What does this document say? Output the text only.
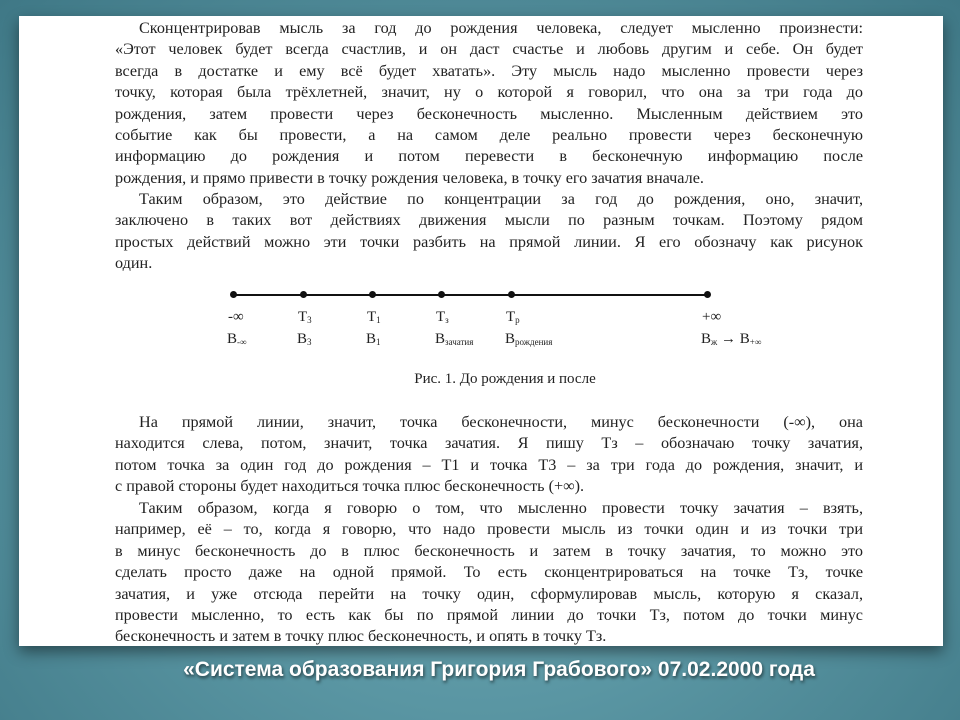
Сконцентрировав мысль за год до рождения человека, следует мысленно произнести:
«Этот человек будет всегда счастлив, и он даст счастье и любовь другим и себе. Он будет
всегда в достатке и ему всё будет хватать». Эту мысль надо мысленно провести через
точку, которая была трёхлетней, значит, ну о которой я говорил, что она за три года до
рождения, затем провести через бесконечность мысленно. Мысленным действием это
событие как бы провести, а на самом деле реально провести через бесконечную
информацию до рождения и потом перевести в бесконечную информацию после
рождения, и прямо привести в точку рождения человека, в точку его зачатия вначале.
Таким образом, это действие по концентрации за год до рождения, оно, значит,
заключено в таких вот действиях движения мысли по разным точкам. Поэтому рядом
простых действий можно эти точки разбить на прямой линии. Я его обозначу как рисунок
один.
-∞
$В_{-\infty}$
$Т_3$
$В_3$
$Т_1$
$В_1$
$Т_з$
$В_{зачатия}$
$Т_р$
$В_{рождения}$
+∞
$В_ж \to В_{+\infty}$
Рис. 1. До рождения и после
На прямой линии, значит, точка бесконечности, минус бесконечности (-∞), она
находится слева, потом, значит, точка зачатия. Я пишу Тз – обозначаю точку зачатия,
потом точка за один год до рождения – Т1 и точка Т3 – за три года до рождения, значит, и
с правой стороны будет находиться точка плюс бесконечность (+∞).
Таким образом, когда я говорю о том, что мысленно провести точку зачатия – взять,
например, её – то, когда я говорю, что надо провести мысль из точки один и из точки три
в минус бесконечность до в плюс бесконечность и затем в точку зачатия, то можно это
сделать просто даже на одной прямой. То есть сконцентрироваться на точке Тз, точке
зачатия, и уже отсюда перейти на точку один, сформулировав мысль, которую я сказал,
провести мысленно, то есть как бы по прямой линии до точки Тз, потом до точки минус
бесконечность и затем в точку плюс бесконечность, и опять в точку Тз.
«Система образования Григория Грабового» 07.02.2000 года
